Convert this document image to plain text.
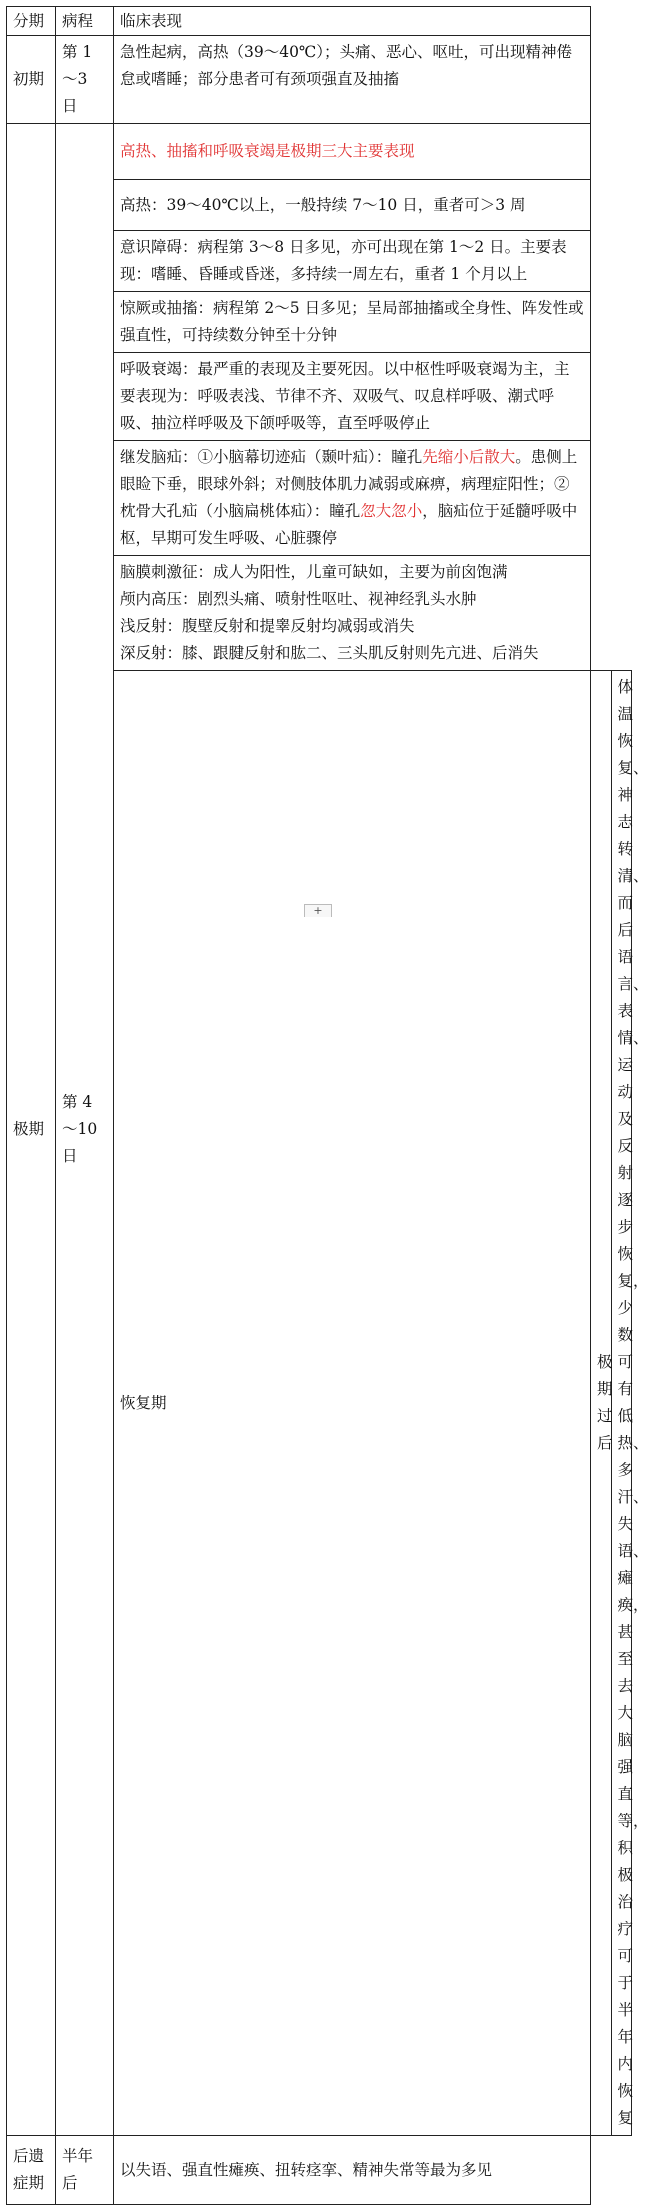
分期	病程	临床表现		
初期	第 1～3 日	急性起病，高热（39～40℃）；头痛、恶心、呕吐，可出现精神倦怠或嗜睡；部分患者可有颈项强直及抽搐		
极期	第 4～10 日	高热、抽搐和呼吸衰竭是极期三大主要表现		
		高热：39～40℃以上，一般持续 7～10 日，重者可＞3 周		
		意识障碍：病程第 3～8 日多见，亦可出现在第 1～2 日。主要表现：嗜睡、昏睡或昏迷，多持续一周左右，重者 1 个月以上		
		惊厥或抽搐：病程第 2～5 日多见；呈局部抽搐或全身性、阵发性或强直性，可持续数分钟至十分钟		
		呼吸衰竭：最严重的表现及主要死因。以中枢性呼吸衰竭为主，主要表现为：呼吸表浅、节律不齐、双吸气、叹息样呼吸、潮式呼吸、抽泣样呼吸及下颌呼吸等，直至呼吸停止		
		继发脑疝：①小脑幕切迹疝（颞叶疝）：瞳孔先缩小后散大。患侧上眼睑下垂，眼球外斜；对侧肢体肌力减弱或麻痹，病理症阳性；②枕骨大孔疝（小脑扁桃体疝）：瞳孔忽大忽小，脑疝位于延髓呼吸中枢，早期可发生呼吸、心脏骤停		

		脑膜刺激征：成人为阳性，儿童可缺如，主要为前囟饱满
颅内高压：剧烈头痛、喷射性呕吐、视神经乳头水肿
浅反射：腹壁反射和提睾反射均减弱或消失
深反射：膝、跟腱反射和肱二、三头肌反射则先亢进、后消失		

		恢复期	极期过后	体温恢复、神志转清、而后语言、表情、运动及反射逐步恢复，少数可有低热、多汗、失语、瘫痪，甚至去大脑强直等，积极治疗可于半年内恢复
后遗症期	半年后	以失语、强直性瘫痪、扭转痉挛、精神失常等最为多见		
+
